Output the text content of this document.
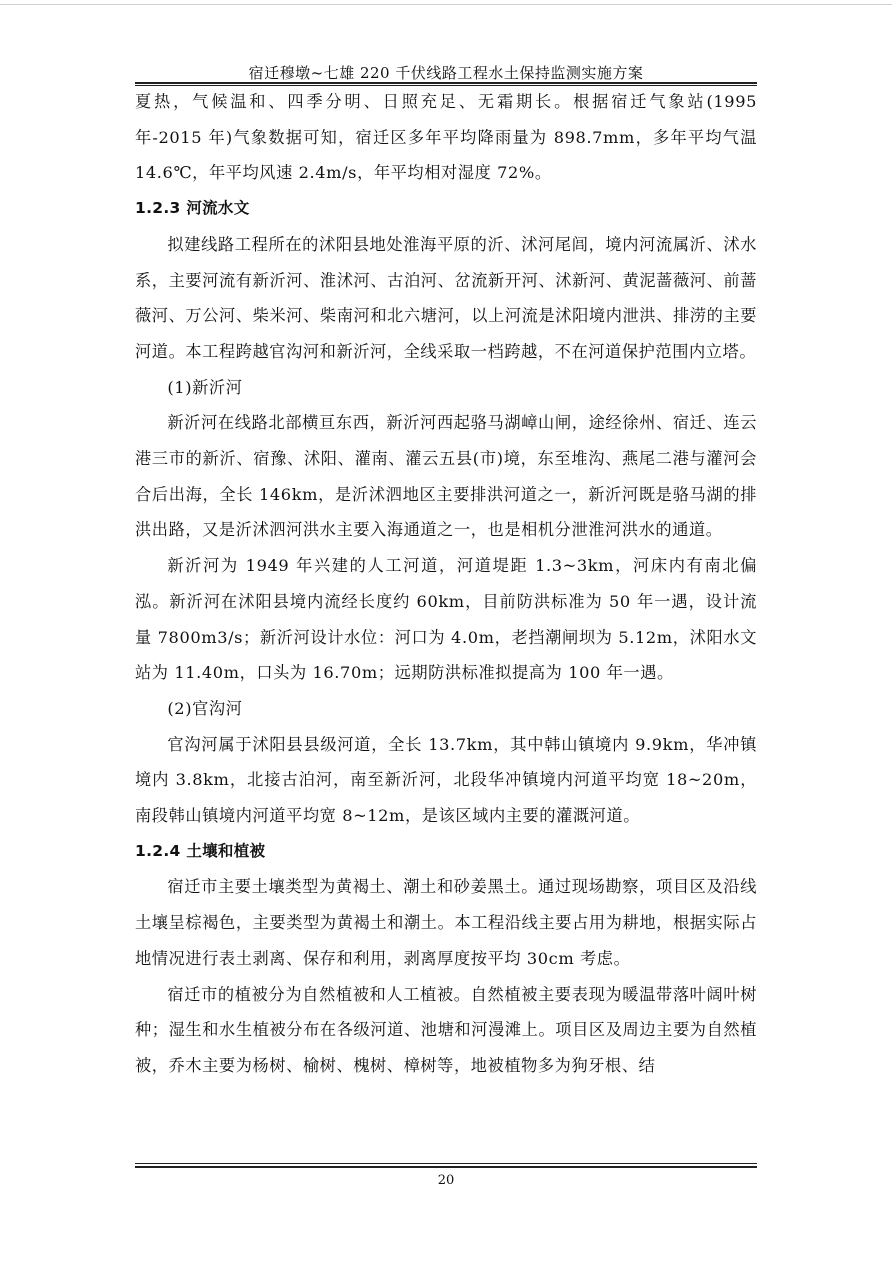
宿迁穆墩~七雄 220 千伏线路工程水土保持监测实施方案

夏热，气候温和、四季分明、日照充足、无霜期长。根据宿迁气象站(1995 年-2015 年)气象数据可知，宿迁区多年平均降雨量为 898.7mm，多年平均气温 14.6℃，年平均风速 2.4m/s，年平均相对湿度 72%。

1.2.3 河流水文

拟建线路工程所在的沭阳县地处淮海平原的沂、沭河尾闾，境内河流属沂、沭水系，主要河流有新沂河、淮沭河、古泊河、岔流新开河、沭新河、黄泥蔷薇河、前蔷薇河、万公河、柴米河、柴南河和北六塘河，以上河流是沭阳境内泄洪、排涝的主要河道。本工程跨越官沟河和新沂河，全线采取一档跨越，不在河道保护范围内立塔。

(1)新沂河

新沂河在线路北部横亘东西，新沂河西起骆马湖嶂山闸，途经徐州、宿迁、连云港三市的新沂、宿豫、沭阳、灌南、灌云五县(市)境，东至堆沟、燕尾二港与灌河会合后出海，全长 146km，是沂沭泗地区主要排洪河道之一，新沂河既是骆马湖的排洪出路，又是沂沭泗河洪水主要入海通道之一，也是相机分泄淮河洪水的通道。

新沂河为 1949 年兴建的人工河道，河道堤距 1.3~3km，河床内有南北偏泓。新沂河在沭阳县境内流经长度约 60km，目前防洪标准为 50 年一遇，设计流量 7800m3/s；新沂河设计水位：河口为 4.0m，老挡潮闸坝为 5.12m，沭阳水文站为 11.40m，口头为 16.70m；远期防洪标准拟提高为 100 年一遇。

(2)官沟河

官沟河属于沭阳县县级河道，全长 13.7km，其中韩山镇境内 9.9km，华冲镇境内 3.8km，北接古泊河，南至新沂河，北段华冲镇境内河道平均宽 18~20m，南段韩山镇境内河道平均宽 8~12m，是该区域内主要的灌溉河道。

1.2.4 土壤和植被

宿迁市主要土壤类型为黄褐土、潮土和砂姜黑土。通过现场勘察，项目区及沿线土壤呈棕褐色，主要类型为黄褐土和潮土。本工程沿线主要占用为耕地，根据实际占地情况进行表土剥离、保存和利用，剥离厚度按平均 30cm 考虑。

宿迁市的植被分为自然植被和人工植被。自然植被主要表现为暖温带落叶阔叶树种；湿生和水生植被分布在各级河道、池塘和河漫滩上。项目区及周边主要为自然植被，乔木主要为杨树、榆树、槐树、樟树等，地被植物多为狗牙根、结

20
